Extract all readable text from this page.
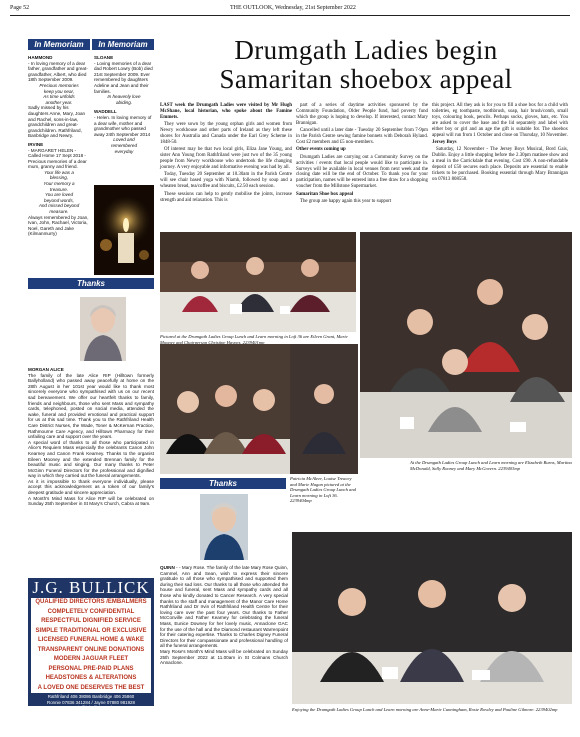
Page 52	THE OUTLOOK, Wednesday, 21st September 2022
In Memoriam	In Memoriam
HAMMOND
- In loving memory of a dear father, grandfather and great-grandfather, Albert, who died 18th September 2009.
Precious memories
keep you near,
As time unfolds
another year.
Sadly missed by his daughters Anne, Mary, Joan and Rachel, sons-in-law, grandchildren and great-grandchildren. Rathfriland, Banbridge and Newry.
IRVINE
- MARGARET HELEN - Called Home 17 Sept 2018 - Precious memories of a dear mum, granny and friend.
Your life was a
blessing,
Your memory a
treasure.
You are loved
beyond words,
And missed beyond
measure.
Always remembered by Joan, Ivan, John, Rachael, Victoria, Noel, Gareth and Jake (Kilmanmurry)
SLOANE
- Loving memories of a dear dad Robert Lowry (Bob) died 21st September 2009. Ever remembered by daughters Adeline and Jean and their families.
In heavenly love
abiding.
WADDELL
- Helen. In loving memory of a dear wife, mother and grandmother who passed away 24th September 2014
Loved and
remembered
everyday
Thanks
MORGAN ALICE
The family of the late Alice RIP (Hilltown formerly Ballyholland) who passed away peacefully at home on the 28th August in her 101st year would like to thank most sincerely everyone who sympathised with us on our recent sad bereavement. We offer our heartfelt thanks to family, friends and neighbours, those who sent Mass and sympathy cards, telephoned, posted on social media, attended the wake, funeral and provided emotional and practical support for us at this sad time. Thank you to the Rathfriland Health Care District Nurses, the Wade, Toner & McKernan Practice, Rathmourne Care Agency, and Hilltown Pharmacy for their unfailing care and support over the years.
A special word of thanks to all those who participated in Alice's Requiem Mass especially the celebrants Canon John Kearney and Canon Frank Kearney. Thanks to the organist Eileen Mooney and the extended Brennan family for the beautiful music and singing. Our many thanks to Peter McGinn Funeral Directors for the professional and dignified way in which they carried out the funeral arrangements.
As it is impossible to thank everyone individually, please accept this acknowledgement as a token of our family's deepest gratitude and sincere appreciation.
A Month's Mind Mass for Alice RIP will be celebrated on Sunday 25th September in St Mary's Church, Cabra at 9am.
J.G. BULLICK
QUALIFIED DIRECTORS /EMBALMERS
COMPLETELY CONFIDENTIAL
RESPECTFUL DIGNIFIED SERVICE
SIMPLE TRADITIONAL OR EXCLUSIVE
LICENSED FUNERAL HOME & WAKE
TRANSPARENT ONLINE DONATIONS
MODERN JAGUAR FLEET
PERSONAL PRE-PAID PLANS
HEADSTONES & ALTERATIONS
A LOVED ONE DESERVES THE BEST
Rathfriland 406 38086 Banbridge 406 25860
Ronnie 07836 341284 / Jayne 07880 981928
ronnie@jgbullick.co.uk
Drumgath Ladies begin
Samaritan shoebox appeal

LAST week the Drumgath Ladies were visited by Mr Hugh McShane, local historian, who spoke about the Famine Emmets.

They were sown by the young orphan girls and women from Newry workhouse and other parts of Ireland as they left these shores for Australia and Canada under the Earl Grey Scheme in 1848-50.

Of interest may be that two local girls, Eliza Jane Young, and sister Ann Young from Rathfriland were just two of the 35 young people from Newry workhouse who undertook the life changing journey. A very enjoyable and informative evening was had by all.

Today, Tuesday 20 September at 10.30am in the Parish Centre will see chair based yoga with Niamh, followed by soup and a wheaten bread, tea/coffee and biscuits, £2.50 each session.

These sessions can help to gently mobilise the joints, increase strength and aid relaxation. This is

part of a series of daytime activities sponsored by the Community Foundation, Older People fund, had poverty fund which the group is hoping to develop. If interested, contact Mary Brannigan.

Cancelled until a later date - Tuesday 20 September from 7-9pm in the Parish Centre sewing famine bonnets with Deborah Hyland. Cost £2 members and £5 non-members.

Other events coming up

Drumgath Ladies are carrying out a Community Survey on the activities / events that local people would like to participate in. Surveys will be available in local venues from next week and the closing date will be the end of October. To thank you for your participation, names will be entered into a free draw for a shopping voucher from the Millstone Supermarket.

Samaritan Shoe box appeal

The group are happy again this year to support

this project. All they ask is for you to fill a shoe box for a child with toiletries, eg toothpaste, toothbrush, soap, hair brush/comb, small toys, colouring book, pencils. Perhaps socks, gloves, hats, etc. You are asked to cover the base and the lid separately and label with either boy or girl and an age the gift is suitable for. The shoebox appeal will run from 1 October and close on Thursday, 10 November.

Jersey Boys

Saturday, 12 November - The Jersey Boys Musical, Bord Gais, Dublin. Enjoy a little shopping before the 2.30pm matinee show and a meal in the Carrickdale that evening. Cost £90. A non-refundable deposit of £50 secures each place. Deposits are essential to enable tickets to be purchased. Booking essential through Mary Brannigan on 07813 808558.

Pictured at the Drumgath Ladies Group Lunch and Learn morning in Loft 36 are Eileen Grant, Marie Mooney and Chairperson Christine Haynes. 2239401mp
At the Drumgath Ladies Group Lunch and Learn morning are Elizabeth Burns, Martina McDonald, Sally Rooney and Mary McGovern. 2239403mp
Patricia McAleer, Louise Treacey and Marie Hagan pictured at the Drumgath Ladies Group Lunch and Learn morning in Loft 36. 2239404mp
Thanks
QUINN - - Mary Rose. The family of the late Mary Rose Quinn, Cammel, Ann and Sean, wish to express their sincere gratitude to all those who sympathised and supported them during their sad loss. Our thanks to all those who attended the house and funeral, sent Mass and sympathy cards and all those who kindly donated to Cancer Research. A very special thanks to the staff and management of the Manor Care Home Rathfriland and Dr Irvin of Rathfriland Health Centre for their loving care over the past four years. Our thanks to Father McConville and Father Kearney for celebrating the funeral Mass, Eunice Downey for her lovely music, Annaclone GAC for the use of the hall and the Diamond restaurant Warrenpoint for their catering expertise. Thanks to Charles Digney Funeral Directors for their compassionate and professional handling of all the funeral arrangements.
Mary Rose's Month's Mind Mass will be celebrated on Sunday 25th September 2022 at 11.00am in St Colmans Church Annaclone.
Enjoying the Drumgath Ladies Group Lunch and Learn morning are Anne-Marie Cunningham, Rosie Rowley and Pauline Gilmore. 2239402mp
